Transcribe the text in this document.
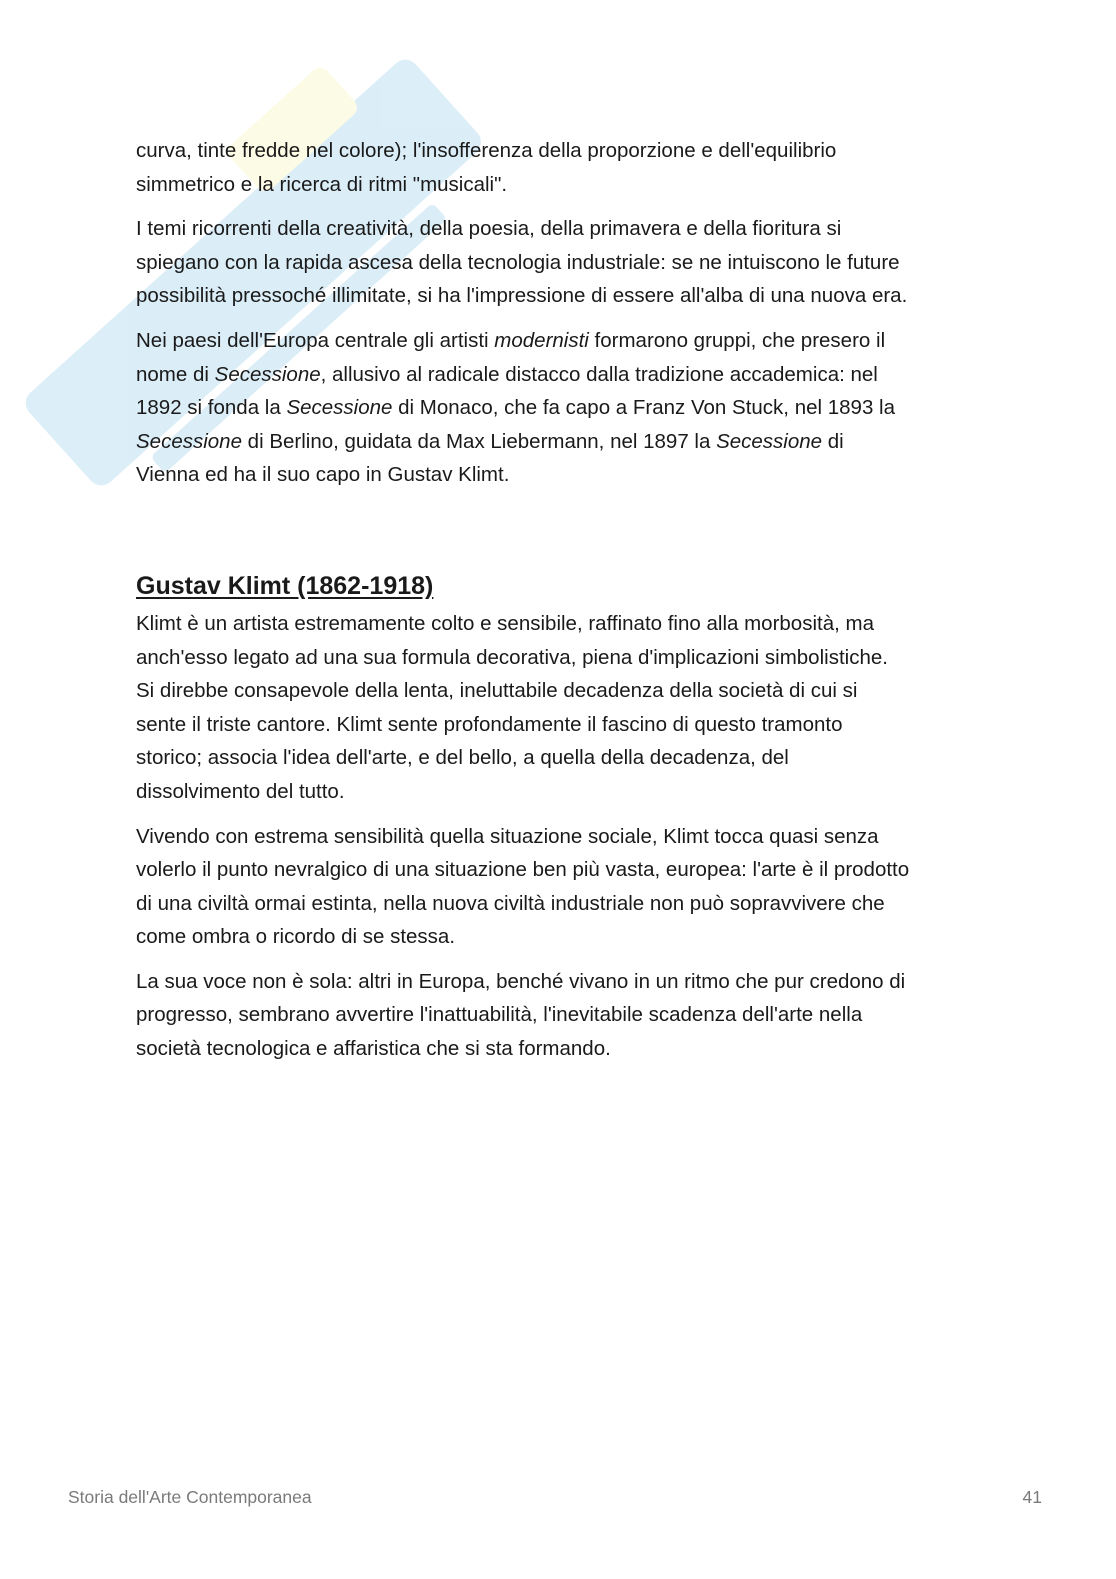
curva, tinte fredde nel colore); l'insofferenza della proporzione e dell'equilibrio
simmetrico e la ricerca di ritmi "musicali".

I temi ricorrenti della creatività, della poesia, della primavera e della fioritura si
spiegano con la rapida ascesa della tecnologia industriale: se ne intuiscono le future
possibilità pressoché illimitate, si ha l'impressione di essere all'alba di una nuova era.

Nei paesi dell'Europa centrale gli artisti modernisti formarono gruppi, che presero il
nome di Secessione, allusivo al radicale distacco dalla tradizione accademica: nel
1892 si fonda la Secessione di Monaco, che fa capo a Franz Von Stuck, nel 1893 la
Secessione di Berlino, guidata da Max Liebermann, nel 1897 la Secessione di
Vienna ed ha il suo capo in Gustav Klimt.

Gustav Klimt (1862-1918)

Klimt è un artista estremamente colto e sensibile, raffinato fino alla morbosità, ma
anch'esso legato ad una sua formula decorativa, piena d'implicazioni simbolistiche.
Si direbbe consapevole della lenta, ineluttabile decadenza della società di cui si
sente il triste cantore. Klimt sente profondamente il fascino di questo tramonto
storico; associa l'idea dell'arte, e del bello, a quella della decadenza, del
dissolvimento del tutto.

Vivendo con estrema sensibilità quella situazione sociale, Klimt tocca quasi senza
volerlo il punto nevralgico di una situazione ben più vasta, europea: l'arte è il prodotto
di una civiltà ormai estinta, nella nuova civiltà industriale non può sopravvivere che
come ombra o ricordo di se stessa.

La sua voce non è sola: altri in Europa, benché vivano in un ritmo che pur credono di
progresso, sembrano avvertire l'inattuabilità, l'inevitabile scadenza dell'arte nella
società tecnologica e affaristica che si sta formando.

Storia dell'Arte Contemporanea	41
